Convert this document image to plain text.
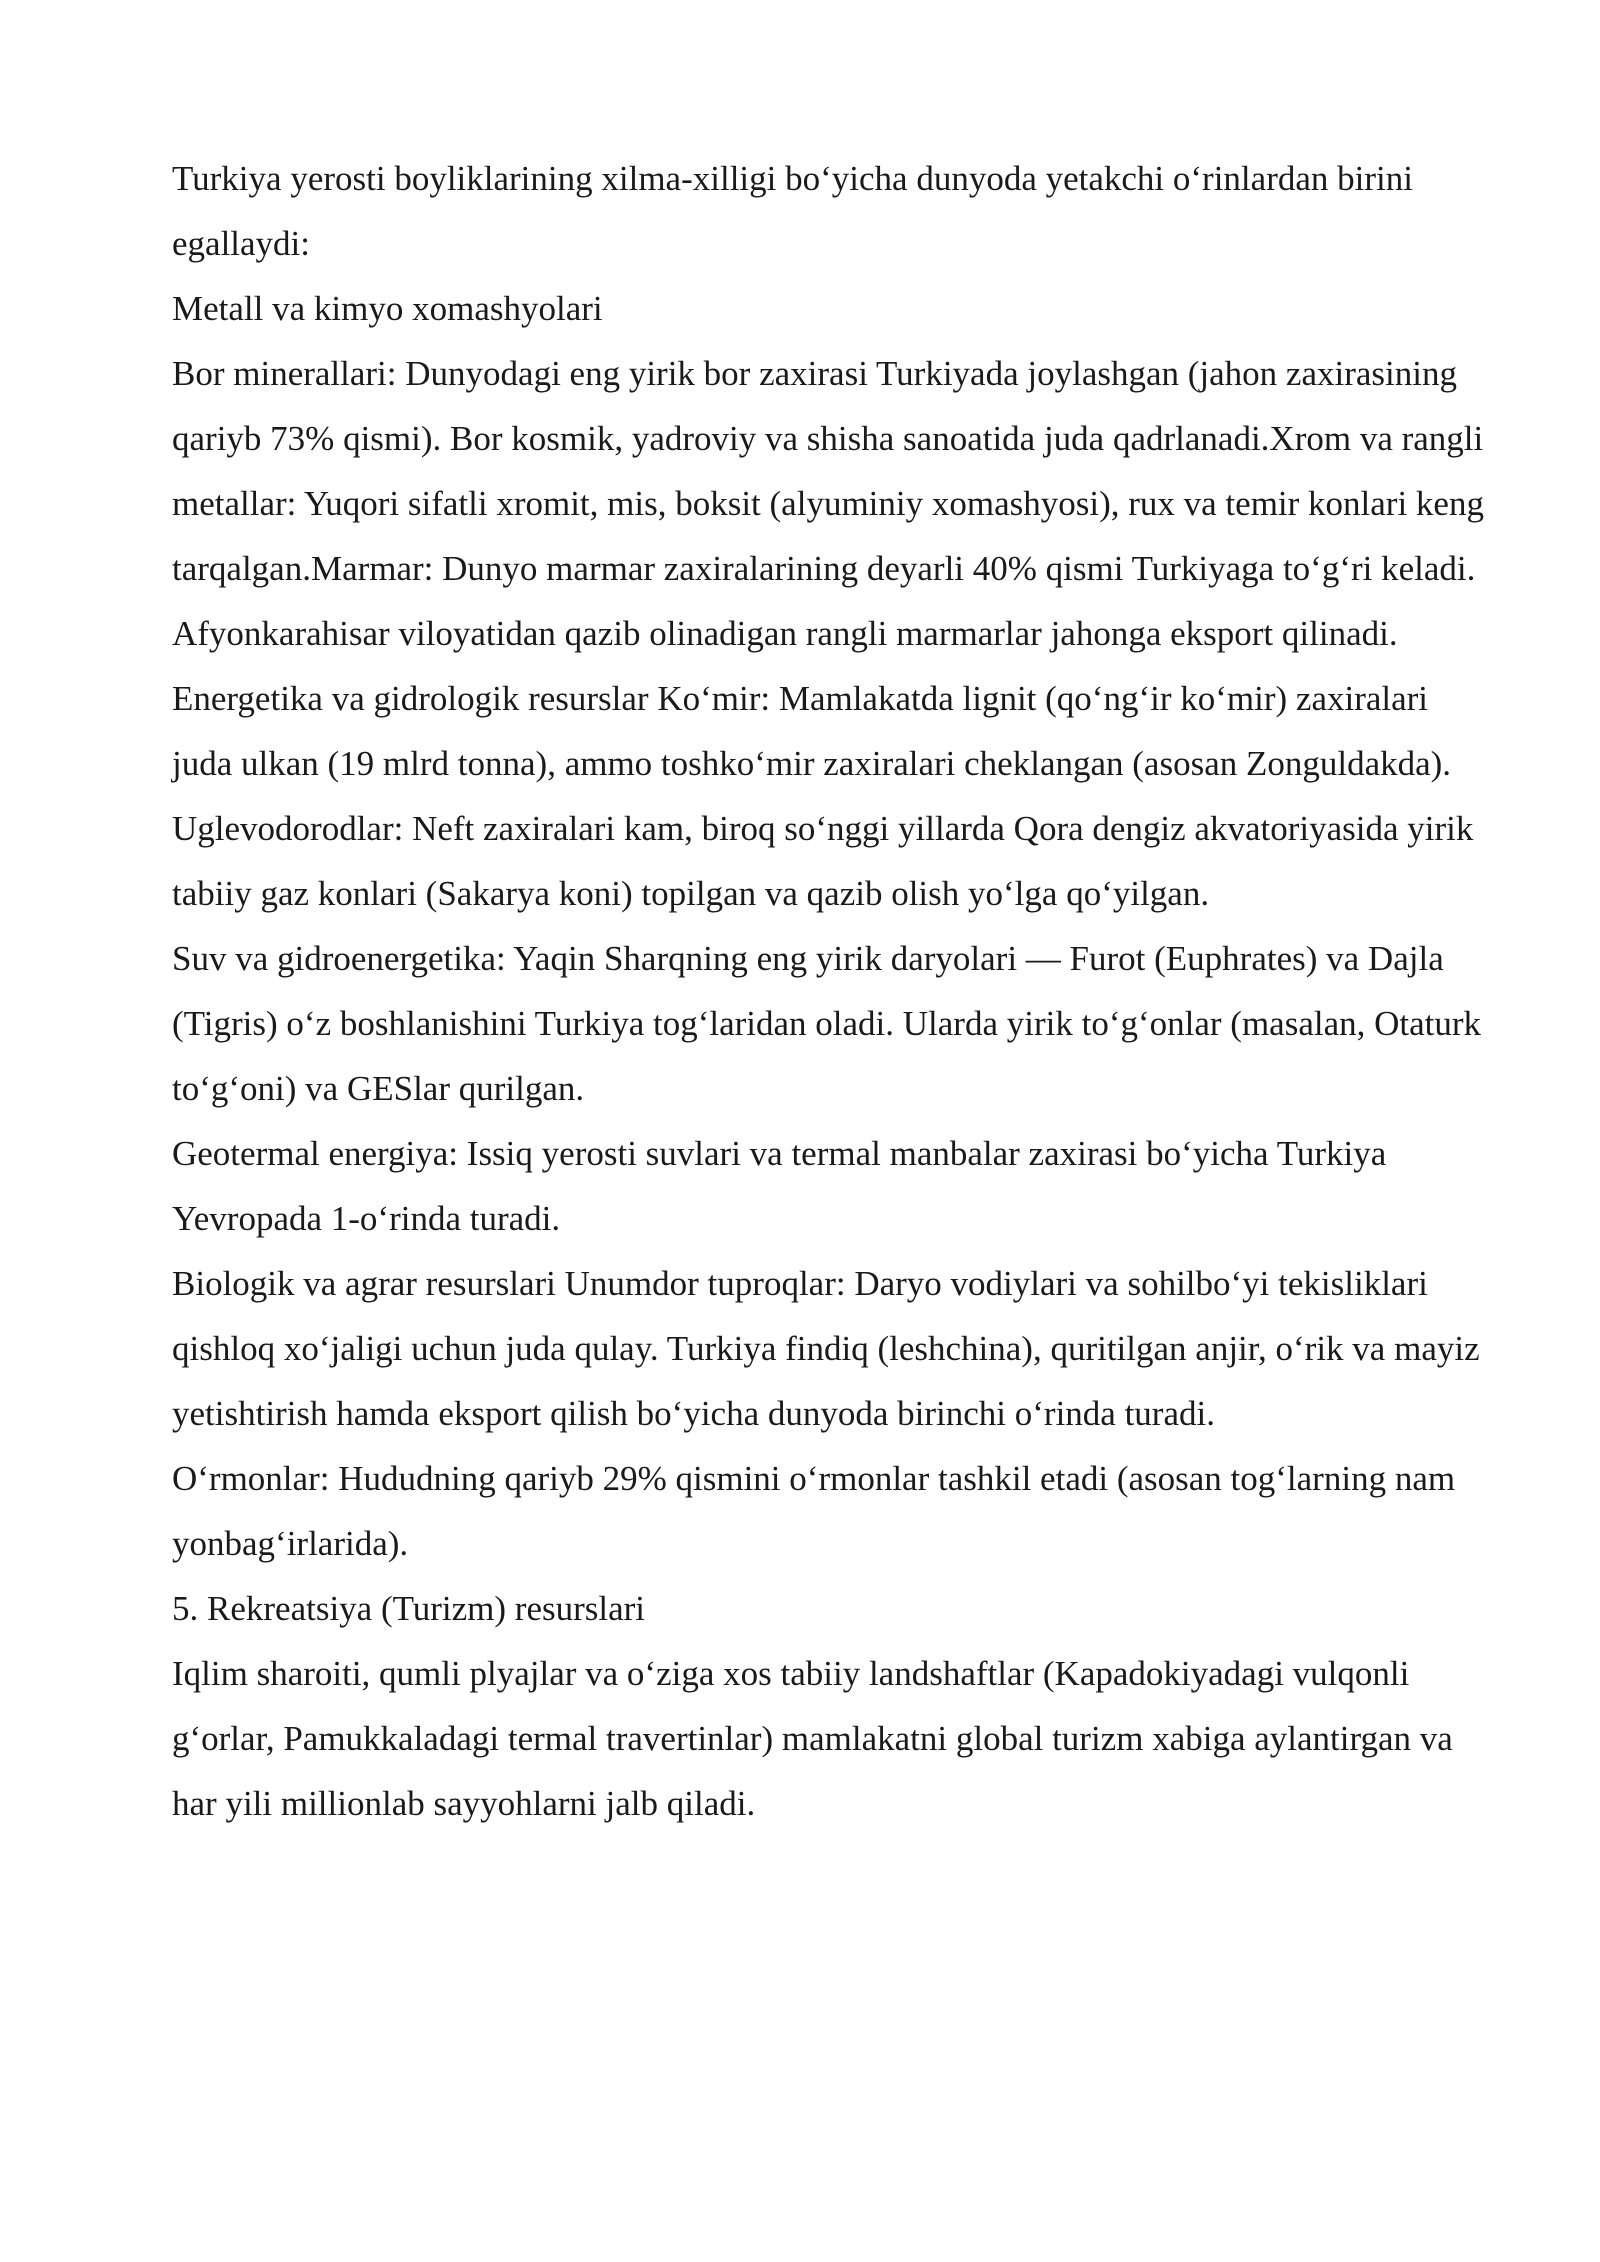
Turkiya yerosti boyliklarining xilma-xilligi bo‘yicha dunyoda yetakchi o‘rinlardan birini egallaydi:

Metall va kimyo xomashyolari

Bor minerallari: Dunyodagi eng yirik bor zaxirasi Turkiyada joylashgan (jahon zaxirasining qariyb 73% qismi). Bor kosmik, yadroviy va shisha sanoatida juda qadrlanadi.Xrom va rangli metallar: Yuqori sifatli xromit, mis, boksit (alyuminiy xomashyosi), rux va temir konlari keng tarqalgan.Marmar: Dunyo marmar zaxiralarining deyarli 40% qismi Turkiyaga to‘g‘ri keladi. Afyonkarahisar viloyatidan qazib olinadigan rangli marmarlar jahonga eksport qilinadi.

Energetika va gidrologik resurslar Ko‘mir: Mamlakatda lignit (qo‘ng‘ir ko‘mir) zaxiralari juda ulkan (19 mlrd tonna), ammo toshko‘mir zaxiralari cheklangan (asosan Zonguldakda).

Uglevodorodlar: Neft zaxiralari kam, biroq so‘nggi yillarda Qora dengiz akvatoriyasida yirik tabiiy gaz konlari (Sakarya koni) topilgan va qazib olish yo‘lga qo‘yilgan.

Suv va gidroenergetika: Yaqin Sharqning eng yirik daryolari — Furot (Euphrates) va Dajla (Tigris) o‘z boshlanishini Turkiya tog‘laridan oladi. Ularda yirik to‘g‘onlar (masalan, Otaturk to‘g‘oni) va GESlar qurilgan.

Geotermal energiya: Issiq yerosti suvlari va termal manbalar zaxirasi bo‘yicha Turkiya Yevropada 1-o‘rinda turadi.

Biologik va agrar resurslari Unumdor tuproqlar: Daryo vodiylari va sohilbo‘yi tekisliklari qishloq xo‘jaligi uchun juda qulay. Turkiya findiq (leshchina), quritilgan anjir, o‘rik va mayiz yetishtirish hamda eksport qilish bo‘yicha dunyoda birinchi o‘rinda turadi.

O‘rmonlar: Hududning qariyb 29% qismini o‘rmonlar tashkil etadi (asosan tog‘larning nam yonbag‘irlarida).

5. Rekreatsiya (Turizm) resurslari

Iqlim sharoiti, qumli plyajlar va o‘ziga xos tabiiy landshaftlar (Kapadokiyadagi vulqonli g‘orlar, Pamukkaladagi termal travertinlar) mamlakatni global turizm xabiga aylantirgan va har yili millionlab sayyohlarni jalb qiladi.
